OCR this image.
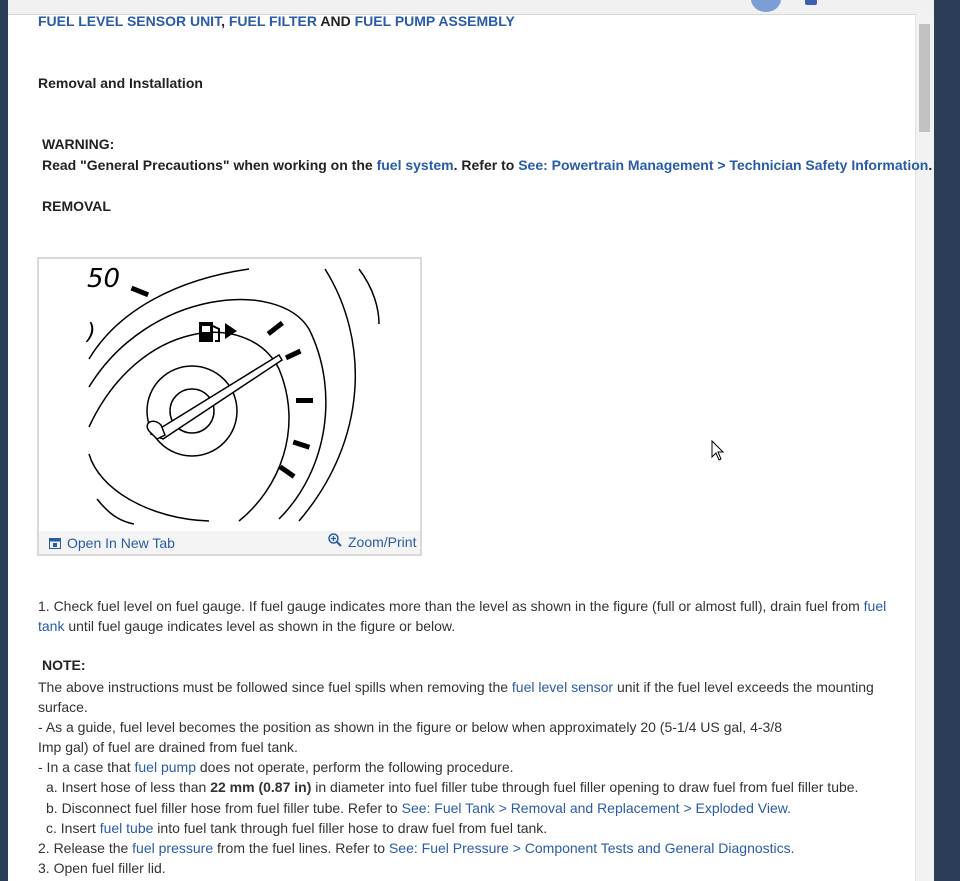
FUEL LEVEL SENSOR UNIT, FUEL FILTER AND FUEL PUMP ASSEMBLY
Removal and Installation
WARNING:
Read "General Precautions" when working on the fuel system. Refer to See: Powertrain Management > Technician Safety Information.
REMOVAL
50
)
Open In New Tab	Zoom/Print
1. Check fuel level on fuel gauge. If fuel gauge indicates more than the level as shown in the figure (full or almost full), drain fuel from fuel tank until fuel gauge indicates level as shown in the figure or below.
NOTE:
The above instructions must be followed since fuel spills when removing the fuel level sensor unit if the fuel level exceeds the mounting surface.
- As a guide, fuel level becomes the position as shown in the figure or below when approximately 20 (5-1/4 US gal, 4-3/8
Imp gal) of fuel are drained from fuel tank.
- In a case that fuel pump does not operate, perform the following procedure.
a. Insert hose of less than 22 mm (0.87 in) in diameter into fuel filler tube through fuel filler opening to draw fuel from fuel filler tube.
b. Disconnect fuel filler hose from fuel filler tube. Refer to See: Fuel Tank > Removal and Replacement > Exploded View.
c. Insert fuel tube into fuel tank through fuel filler hose to draw fuel from fuel tank.
2. Release the fuel pressure from the fuel lines. Refer to See: Fuel Pressure > Component Tests and General Diagnostics.
3. Open fuel filler lid.
